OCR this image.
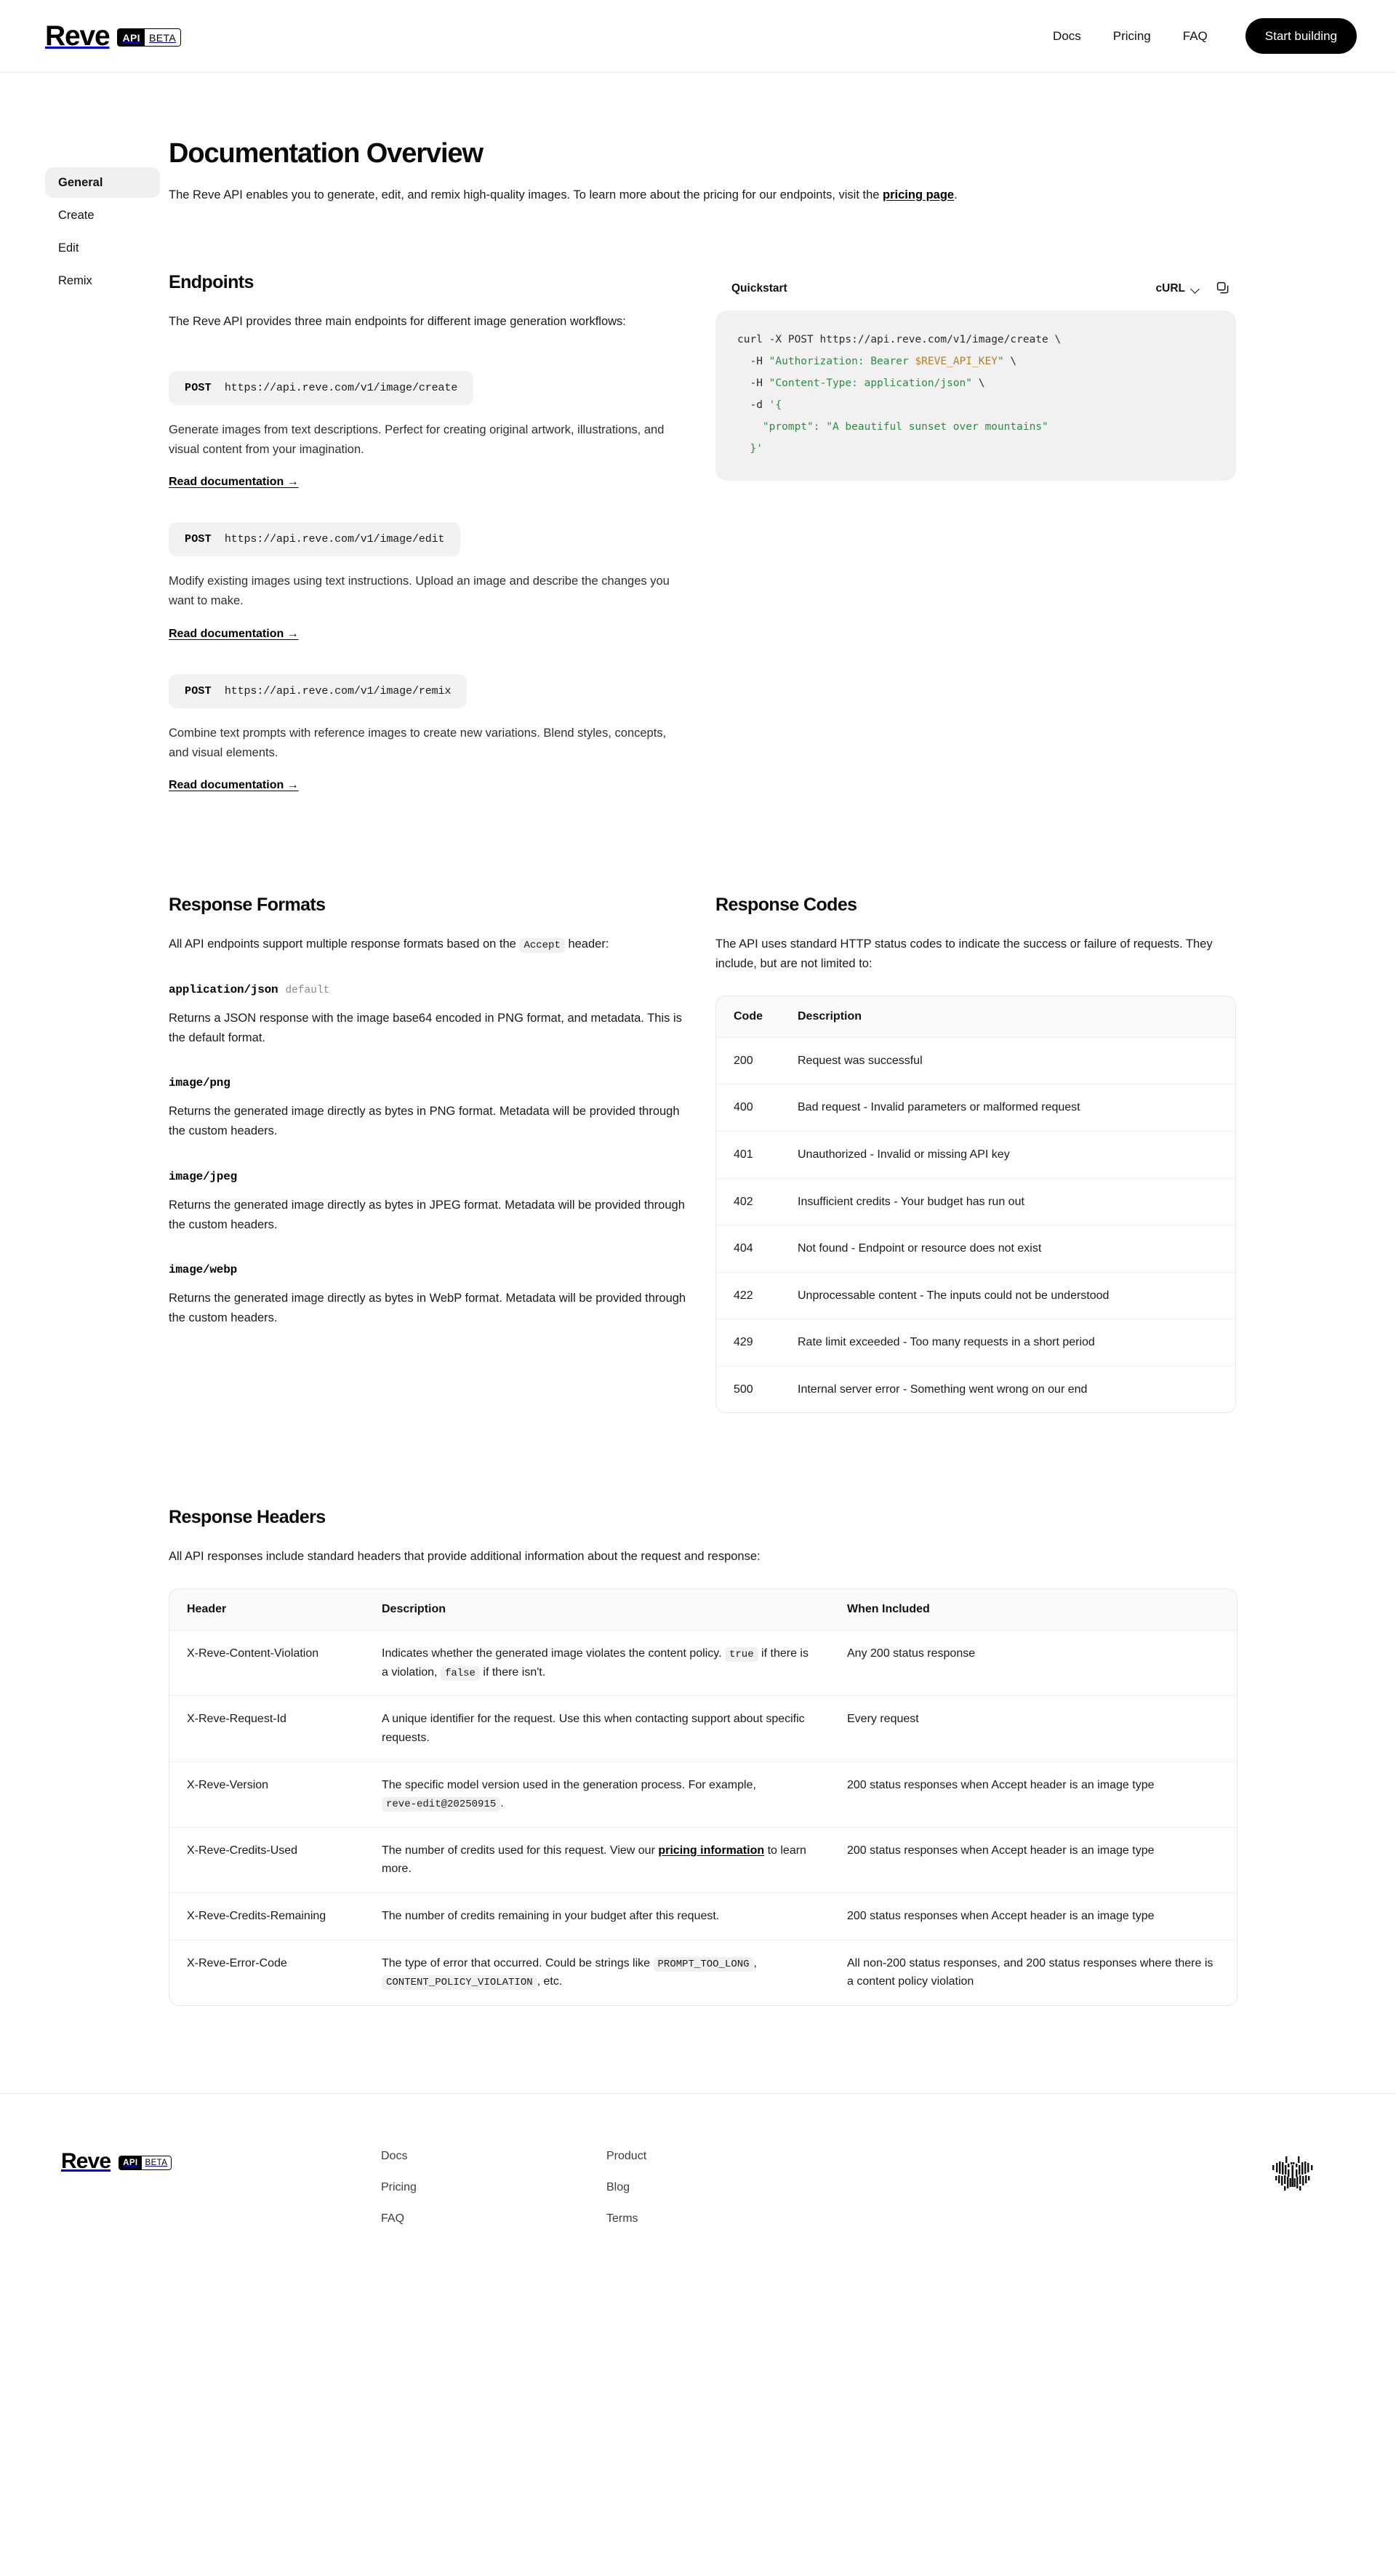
Reve	API BETA	Docs	Pricing	FAQ	Start building
General
Create
Edit
Remix
Documentation Overview

The Reve API enables you to generate, edit, and remix high-quality images. To learn more about the pricing for our endpoints, visit the pricing page.

Endpoints

The Reve API provides three main endpoints for different image generation workflows:

POST https://api.reve.com/v1/image/create

Generate images from text descriptions. Perfect for creating original artwork, illustrations, and visual content from your imagination.

Read documentation →
POST https://api.reve.com/v1/image/edit

Modify existing images using text instructions. Upload an image and describe the changes you want to make.

Read documentation →
POST https://api.reve.com/v1/image/remix

Combine text prompts with reference images to create new variations. Blend styles, concepts, and visual elements.

Read documentation →
Quickstart	cURL
curl -X POST https://api.reve.com/v1/image/create \
-H "Authorization: Bearer $REVE_API_KEY" \
-H "Content-Type: application/json" \
-d '{
"prompt": "A beautiful sunset over mountains"
}'
Response Formats

All API endpoints support multiple response formats based on the Accept header:

application/json default

Returns a JSON response with the image base64 encoded in PNG format, and metadata. This is the default format.

image/png

Returns the generated image directly as bytes in PNG format. Metadata will be provided through the custom headers.

image/jpeg

Returns the generated image directly as bytes in JPEG format. Metadata will be provided through the custom headers.

image/webp

Returns the generated image directly as bytes in WebP format. Metadata will be provided through the custom headers.

Response Codes

The API uses standard HTTP status codes to indicate the success or failure of requests. They include, but are not limited to:

Code	Description
200	Request was successful
400	Bad request - Invalid parameters or malformed request
401	Unauthorized - Invalid or missing API key
402	Insufficient credits - Your budget has run out
404	Not found - Endpoint or resource does not exist
422	Unprocessable content - The inputs could not be understood
429	Rate limit exceeded - Too many requests in a short period
500	Internal server error - Something went wrong on our end
Response Headers

All API responses include standard headers that provide additional information about the request and response:

Header	Description	When Included
X-Reve-Content-Violation	Indicates whether the generated image violates the content policy. true if there is a violation, false if there isn't.	Any 200 status response
X-Reve-Request-Id	A unique identifier for the request. Use this when contacting support about specific requests.	Every request
X-Reve-Version	The specific model version used in the generation process. For example, reve-edit@20250915 .	200 status responses when Accept header is an image type
X-Reve-Credits-Used	The number of credits used for this request. View our pricing information to learn more.	200 status responses when Accept header is an image type
X-Reve-Credits-Remaining	The number of credits remaining in your budget after this request.	200 status responses when Accept header is an image type
X-Reve-Error-Code	The type of error that occurred. Could be strings like PROMPT_TOO_LONG , CONTENT_POLICY_VIOLATION , etc.	All non-200 status responses, and 200 status responses where there is a content policy violation
Reve	API BETA
Docs
Pricing
FAQ
Product
Blog
Terms
